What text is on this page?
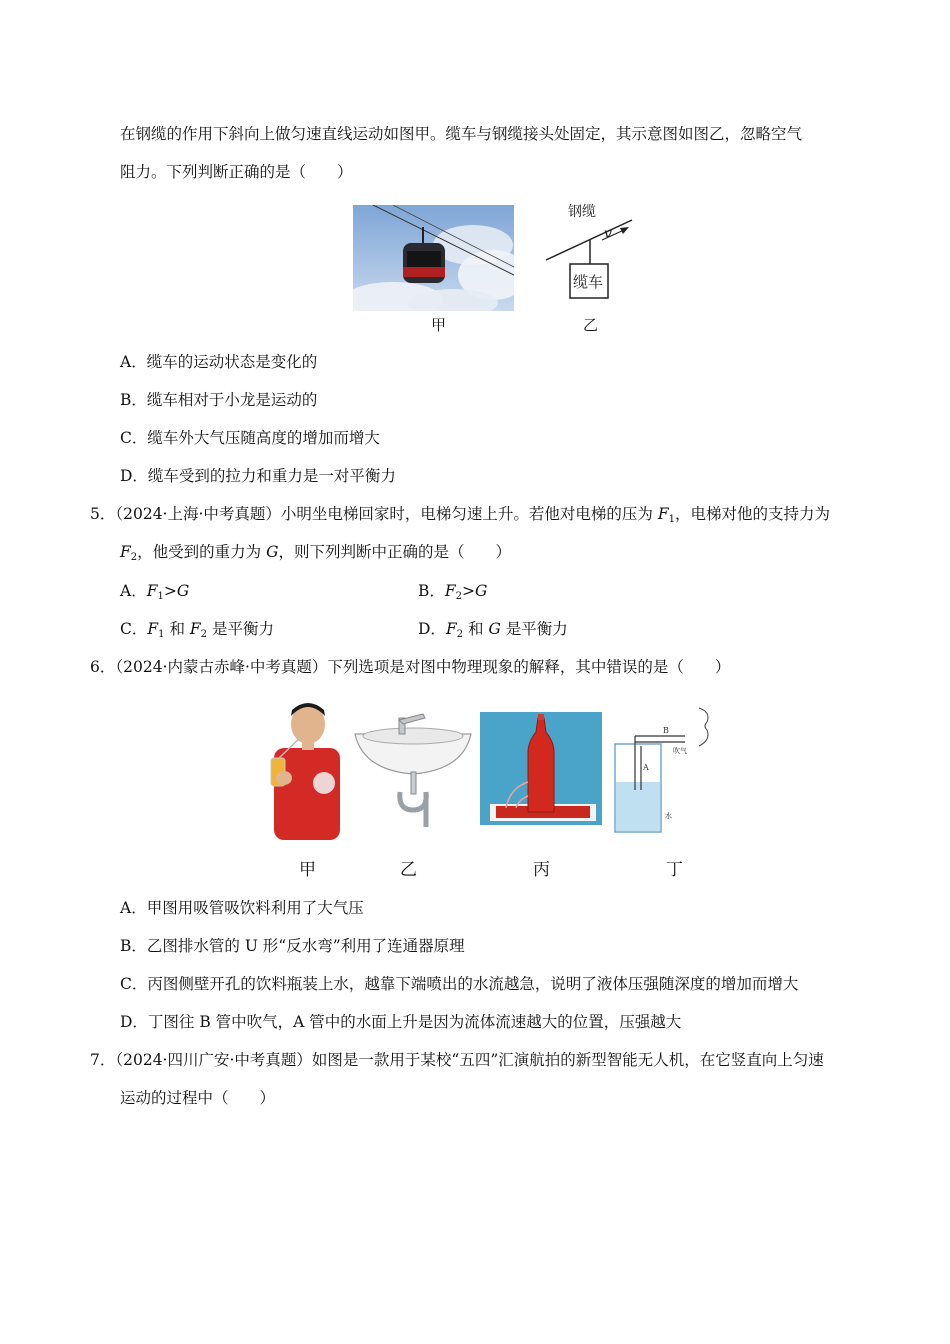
在钢缆的作用下斜向上做匀速直线运动如图甲。缆车与钢缆接头处固定，其示意图如图乙，忽略空气
阻力。下列判断正确的是（　　）
钢缆
v
缆车
甲	乙
A．缆车的运动状态是变化的
B．缆车相对于小龙是运动的
C．缆车外大气压随高度的增加而增大
D．缆车受到的拉力和重力是一对平衡力
5．（2024·上海·中考真题）小明坐电梯回家时，电梯匀速上升。若他对电梯的压为 $F_1$，电梯对他的支持力为
$F_2$，他受到的重力为 G，则下列判断中正确的是（　　）
A．$F_1>G$	B．$F_2>G$
C．$F_1$ 和 $F_2$ 是平衡力	D．$F_2$ 和 G 是平衡力
6．（2024·内蒙古赤峰·中考真题）下列选项是对图中物理现象的解释，其中错误的是（　　）
B
A
吹气
水
甲	乙	丙	丁
A．甲图用吸管吸饮料利用了大气压
B．乙图排水管的 U 形“反水弯”利用了连通器原理
C．丙图侧壁开孔的饮料瓶装上水，越靠下端喷出的水流越急，说明了液体压强随深度的增加而增大
D．丁图往 B 管中吹气，A 管中的水面上升是因为流体流速越大的位置，压强越大
7．（2024·四川广安·中考真题）如图是一款用于某校“五四”汇演航拍的新型智能无人机，在它竖直向上匀速
运动的过程中（　　）
